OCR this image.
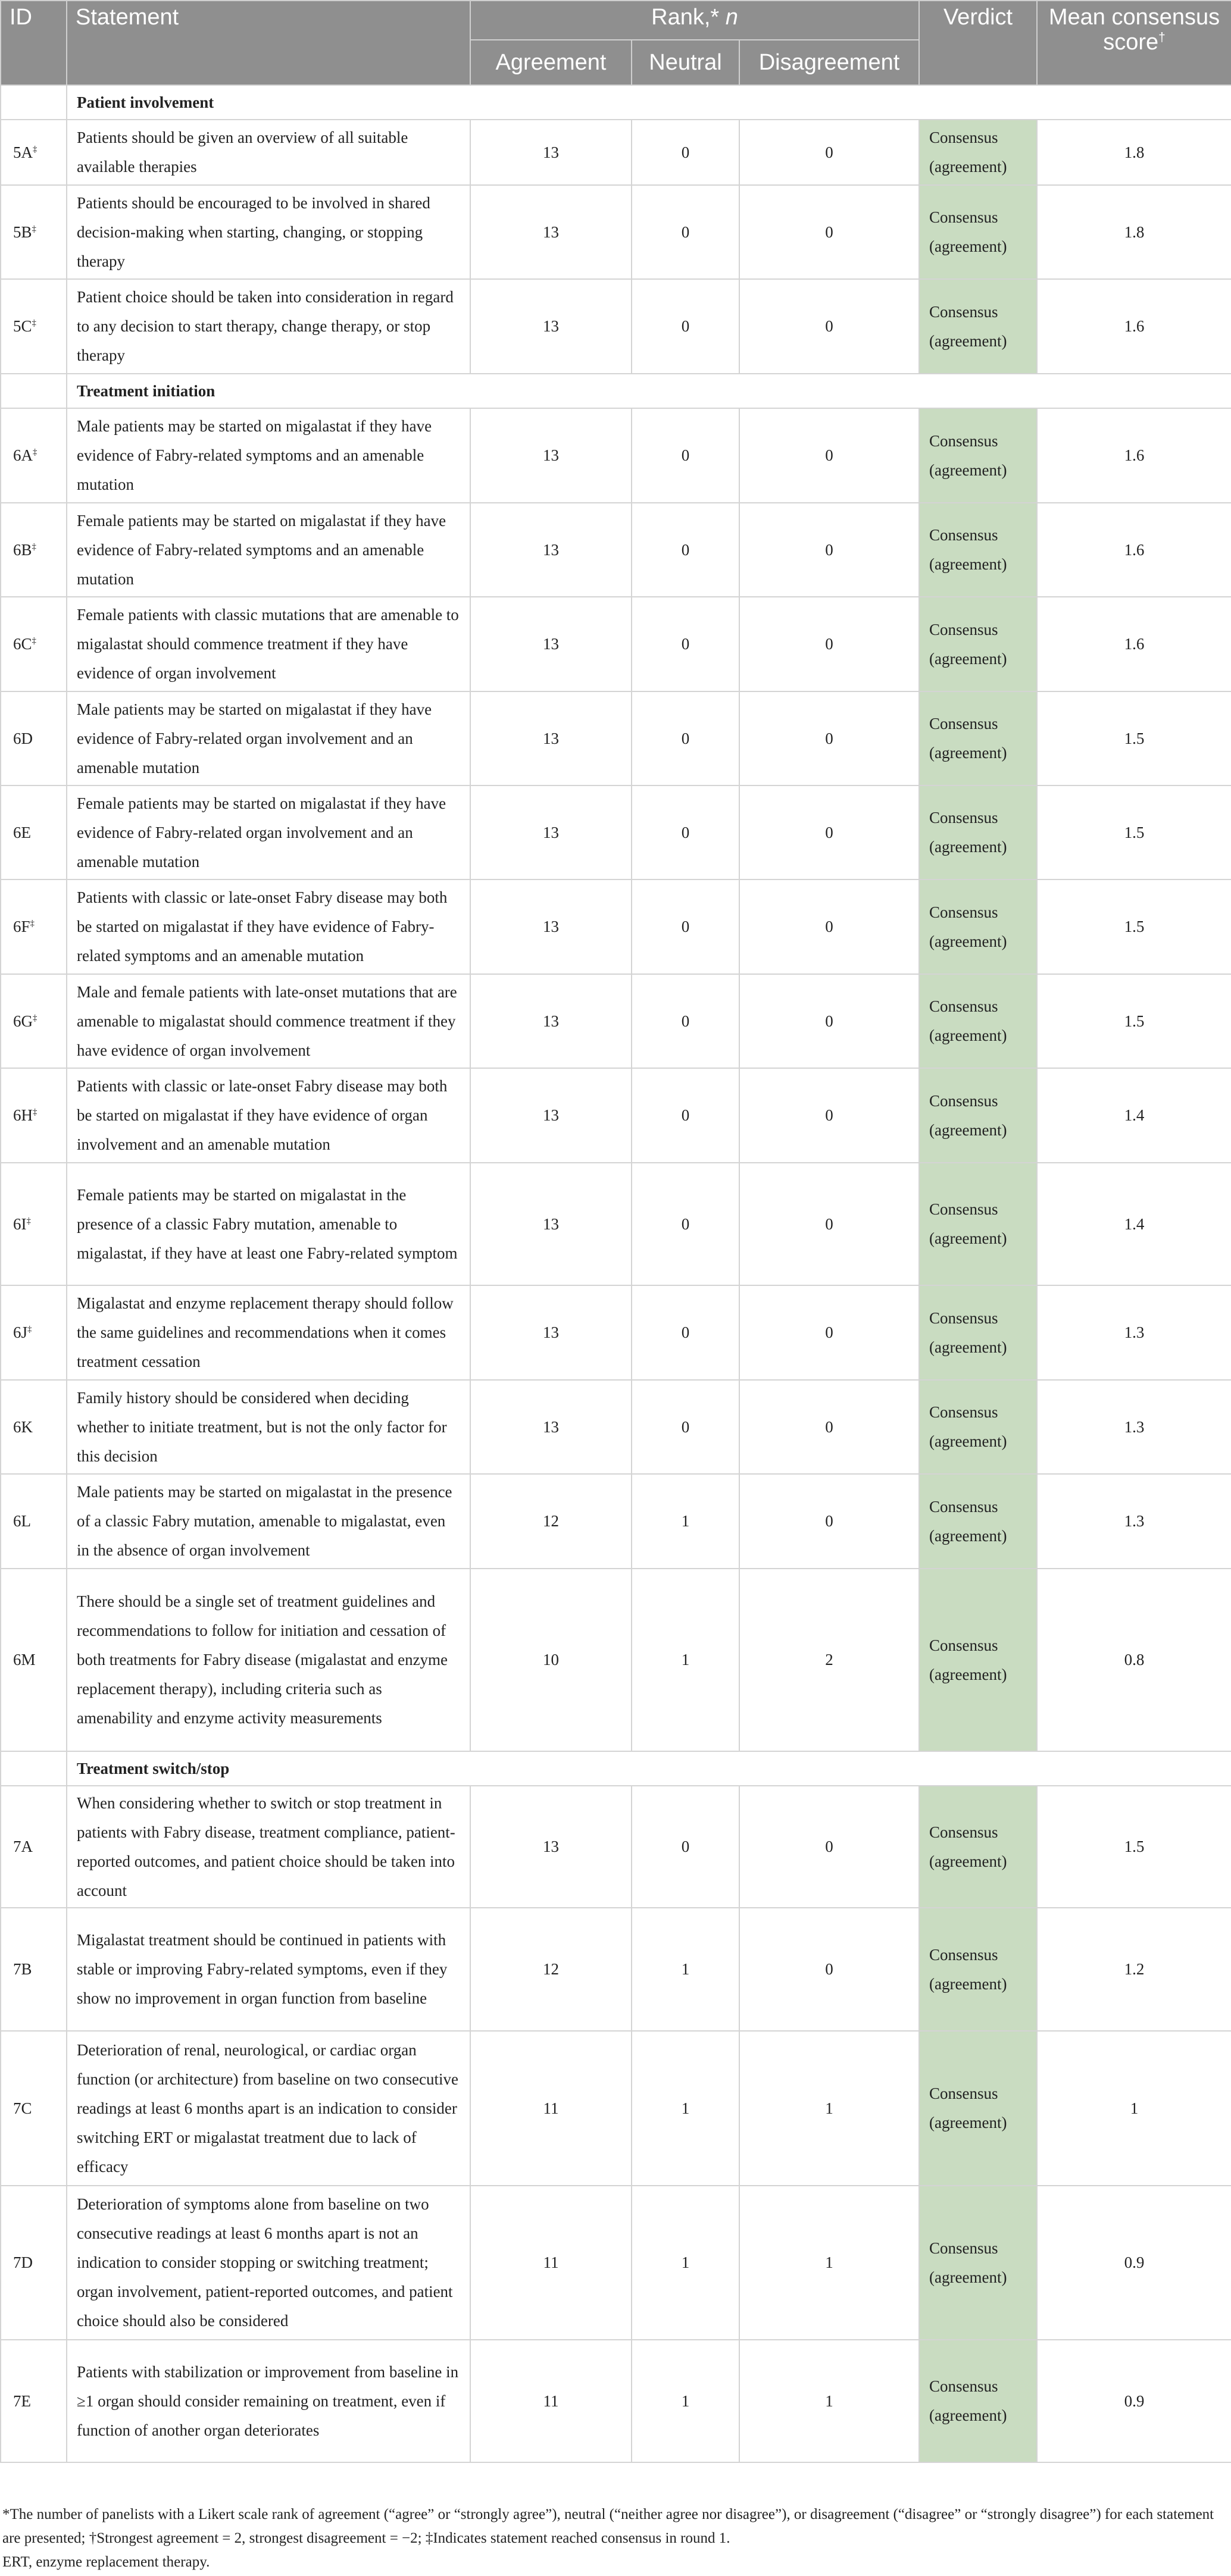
ID	Statement	Rank,* n			Verdict	Mean consensus score†
		Agreement	Neutral	Disagreement		
	Patient involvement					
5A‡	Patients should be given an overview of all suitable available therapies	13	0	0	Consensus (agreement)	1.8
5B‡	Patients should be encouraged to be involved in shared decision-making when starting, changing, or stopping therapy	13	0	0	Consensus (agreement)	1.8
5C‡	Patient choice should be taken into consideration in regard to any decision to start therapy, change therapy, or stop therapy	13	0	0	Consensus (agreement)	1.6
	Treatment initiation					
6A‡	Male patients may be started on migalastat if they have evidence of Fabry-related symptoms and an amenable mutation	13	0	0	Consensus (agreement)	1.6
6B‡	Female patients may be started on migalastat if they have evidence of Fabry-related symptoms and an amenable mutation	13	0	0	Consensus (agreement)	1.6
6C‡	Female patients with classic mutations that are amenable to migalastat should commence treatment if they have evidence of organ involvement	13	0	0	Consensus (agreement)	1.6
6D	Male patients may be started on migalastat if they have evidence of Fabry-related organ involvement and an amenable mutation	13	0	0	Consensus (agreement)	1.5
6E	Female patients may be started on migalastat if they have evidence of Fabry-related organ involvement and an amenable mutation	13	0	0	Consensus (agreement)	1.5
6F‡	Patients with classic or late-onset Fabry disease may both be started on migalastat if they have evidence of Fabry-related symptoms and an amenable mutation	13	0	0	Consensus (agreement)	1.5
6G‡	Male and female patients with late-onset mutations that are amenable to migalastat should commence treatment if they have evidence of organ involvement	13	0	0	Consensus (agreement)	1.5
6H‡	Patients with classic or late-onset Fabry disease may both be started on migalastat if they have evidence of organ involvement and an amenable mutation	13	0	0	Consensus (agreement)	1.4
6I‡	Female patients may be started on migalastat in the presence of a classic Fabry mutation, amenable to migalastat, if they have at least one Fabry-related symptom	13	0	0	Consensus (agreement)	1.4
6J‡	Migalastat and enzyme replacement therapy should follow the same guidelines and recommendations when it comes treatment cessation	13	0	0	Consensus (agreement)	1.3
6K	Family history should be considered when deciding whether to initiate treatment, but is not the only factor for this decision	13	0	0	Consensus (agreement)	1.3
6L	Male patients may be started on migalastat in the presence of a classic Fabry mutation, amenable to migalastat, even in the absence of organ involvement	12	1	0	Consensus (agreement)	1.3
6M	There should be a single set of treatment guidelines and recommendations to follow for initiation and cessation of both treatments for Fabry disease (migalastat and enzyme replacement therapy), including criteria such as amenability and enzyme activity measurements	10	1	2	Consensus (agreement)	0.8
	Treatment switch/stop					
7A	When considering whether to switch or stop treatment in patients with Fabry disease, treatment compliance, patient-reported outcomes, and patient choice should be taken into account	13	0	0	Consensus (agreement)	1.5
7B	Migalastat treatment should be continued in patients with stable or improving Fabry-related symptoms, even if they show no improvement in organ function from baseline	12	1	0	Consensus (agreement)	1.2
7C	Deterioration of renal, neurological, or cardiac organ function (or architecture) from baseline on two consecutive readings at least 6 months apart is an indication to consider switching ERT or migalastat treatment due to lack of efficacy	11	1	1	Consensus (agreement)	1
7D	Deterioration of symptoms alone from baseline on two consecutive readings at least 6 months apart is not an indication to consider stopping or switching treatment; organ involvement, patient-reported outcomes, and patient choice should also be considered	11	1	1	Consensus (agreement)	0.9
7E	Patients with stabilization or improvement from baseline in ≥1 organ should consider remaining on treatment, even if function of another organ deteriorates	11	1	1	Consensus (agreement)	0.9

*The number of panelists with a Likert scale rank of agreement (“agree” or “strongly agree”), neutral (“neither agree nor disagree”), or disagreement (“disagree” or “strongly disagree”) for each statement are presented; †Strongest agreement = 2, strongest disagreement = −2; ‡Indicates statement reached consensus in round 1.

ERT, enzyme replacement therapy.
